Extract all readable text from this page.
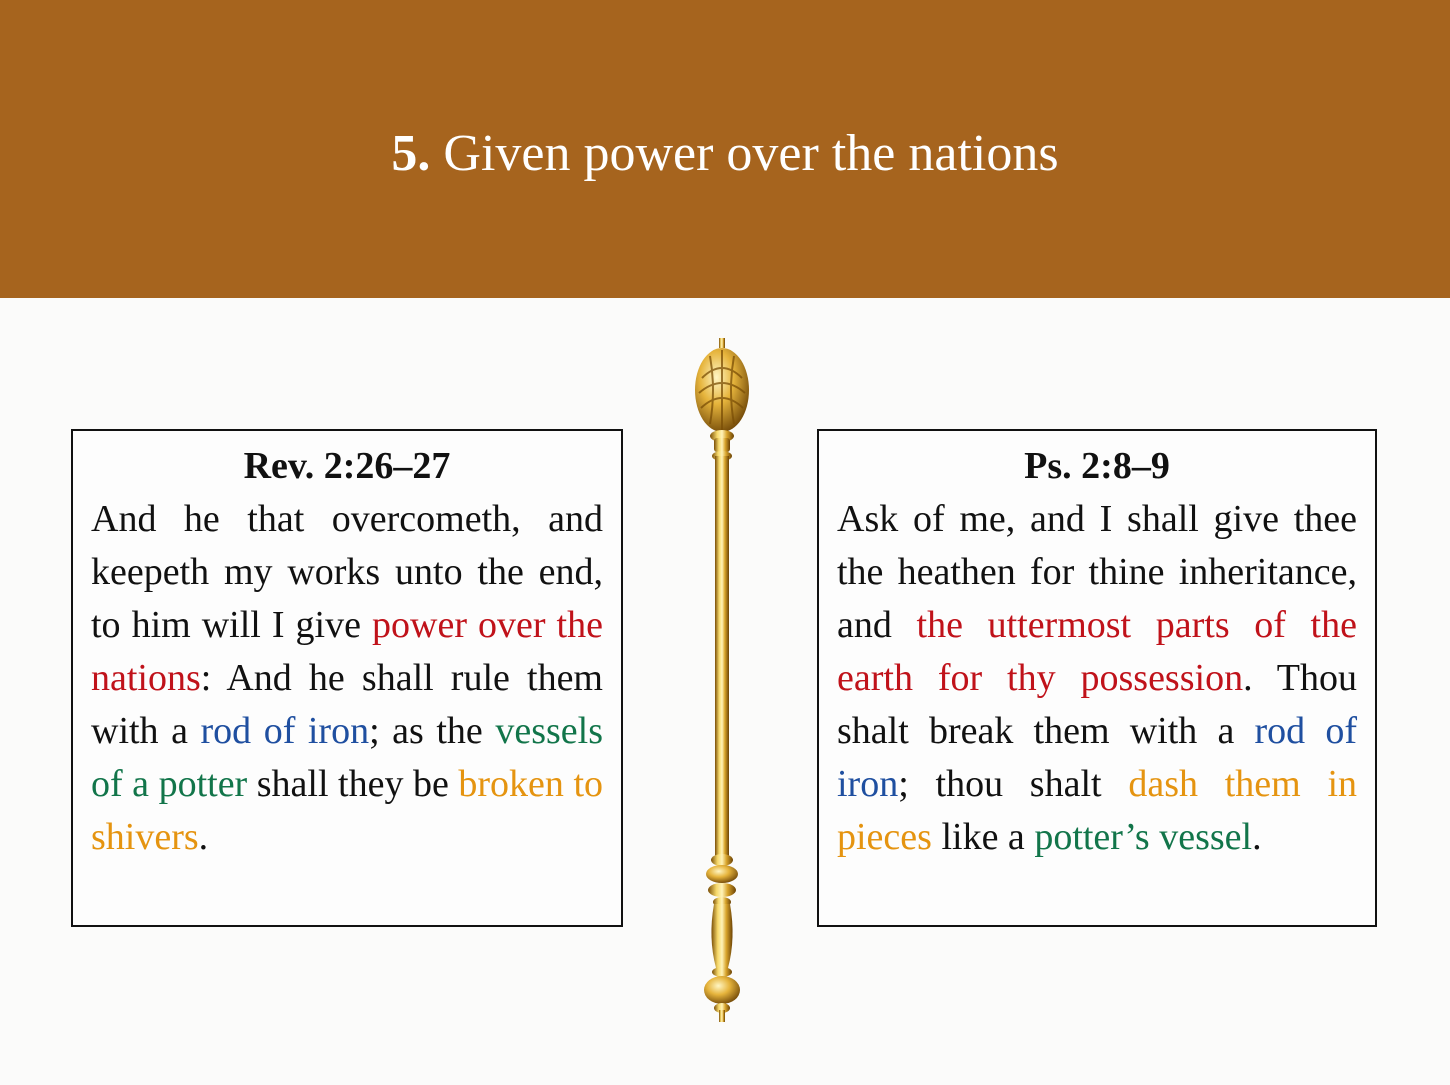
5. Given power over the nations
Rev. 2:26–27

And he that overcometh, and keepeth my works unto the end, to him will I give power over the nations: And he shall rule them with a rod of iron; as the vessels of a potter shall they be broken to shivers.

Ps. 2:8–9

Ask of me, and I shall give thee the heathen for thine inheritance, and the uttermost parts of the earth for thy possession. Thou shalt break them with a rod of iron; thou shalt dash them in pieces like a potter’s vessel.
